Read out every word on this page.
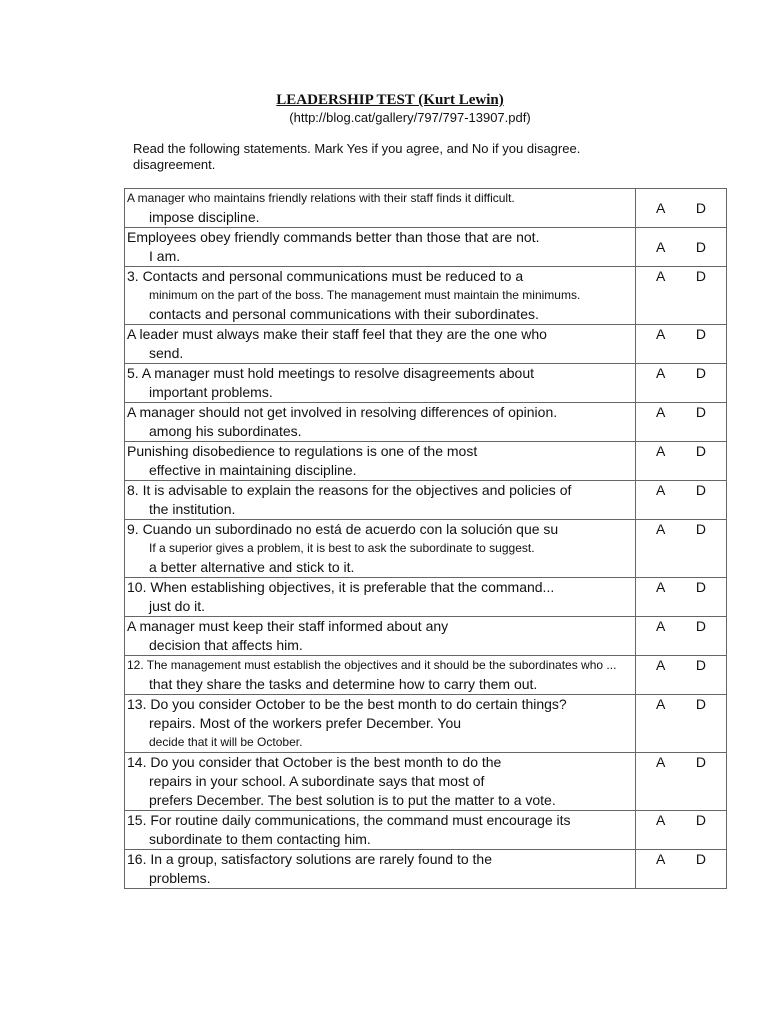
LEADERSHIP TEST (Kurt Lewin)
(http://blog.cat/gallery/797/797-13907.pdf)
Read the following statements. Mark Yes if you agree, and No if you disagree.
disagreement.
A manager who maintains friendly relations with their staff finds it difficult.
impose discipline.	A D

Employees obey friendly commands better than those that are not.
I am.	A D

3. Contacts and personal communications must be reduced to a
minimum on the part of the boss. The management must maintain the minimums.
contacts and personal communications with their subordinates.	A D

A leader must always make their staff feel that they are the one who
send.	A D

5. A manager must hold meetings to resolve disagreements about
important problems.	A D

A manager should not get involved in resolving differences of opinion.
among his subordinates.	A D

Punishing disobedience to regulations is one of the most
effective in maintaining discipline.	A D

8. It is advisable to explain the reasons for the objectives and policies of
the institution.	A D

9. Cuando un subordinado no está de acuerdo con la solución que su
If a superior gives a problem, it is best to ask the subordinate to suggest.
a better alternative and stick to it.	A D

10. When establishing objectives, it is preferable that the command...
just do it.	A D

A manager must keep their staff informed about any
decision that affects him.	A D

12. The management must establish the objectives and it should be the subordinates who ...
that they share the tasks and determine how to carry them out.	A D

13. Do you consider October to be the best month to do certain things?
repairs. Most of the workers prefer December. You
decide that it will be October.	A D

14. Do you consider that October is the best month to do the
repairs in your school. A subordinate says that most of
prefers December. The best solution is to put the matter to a vote.	A D

15. For routine daily communications, the command must encourage its
subordinate to them contacting him.	A D

16. In a group, satisfactory solutions are rarely found to the
problems.	A D
